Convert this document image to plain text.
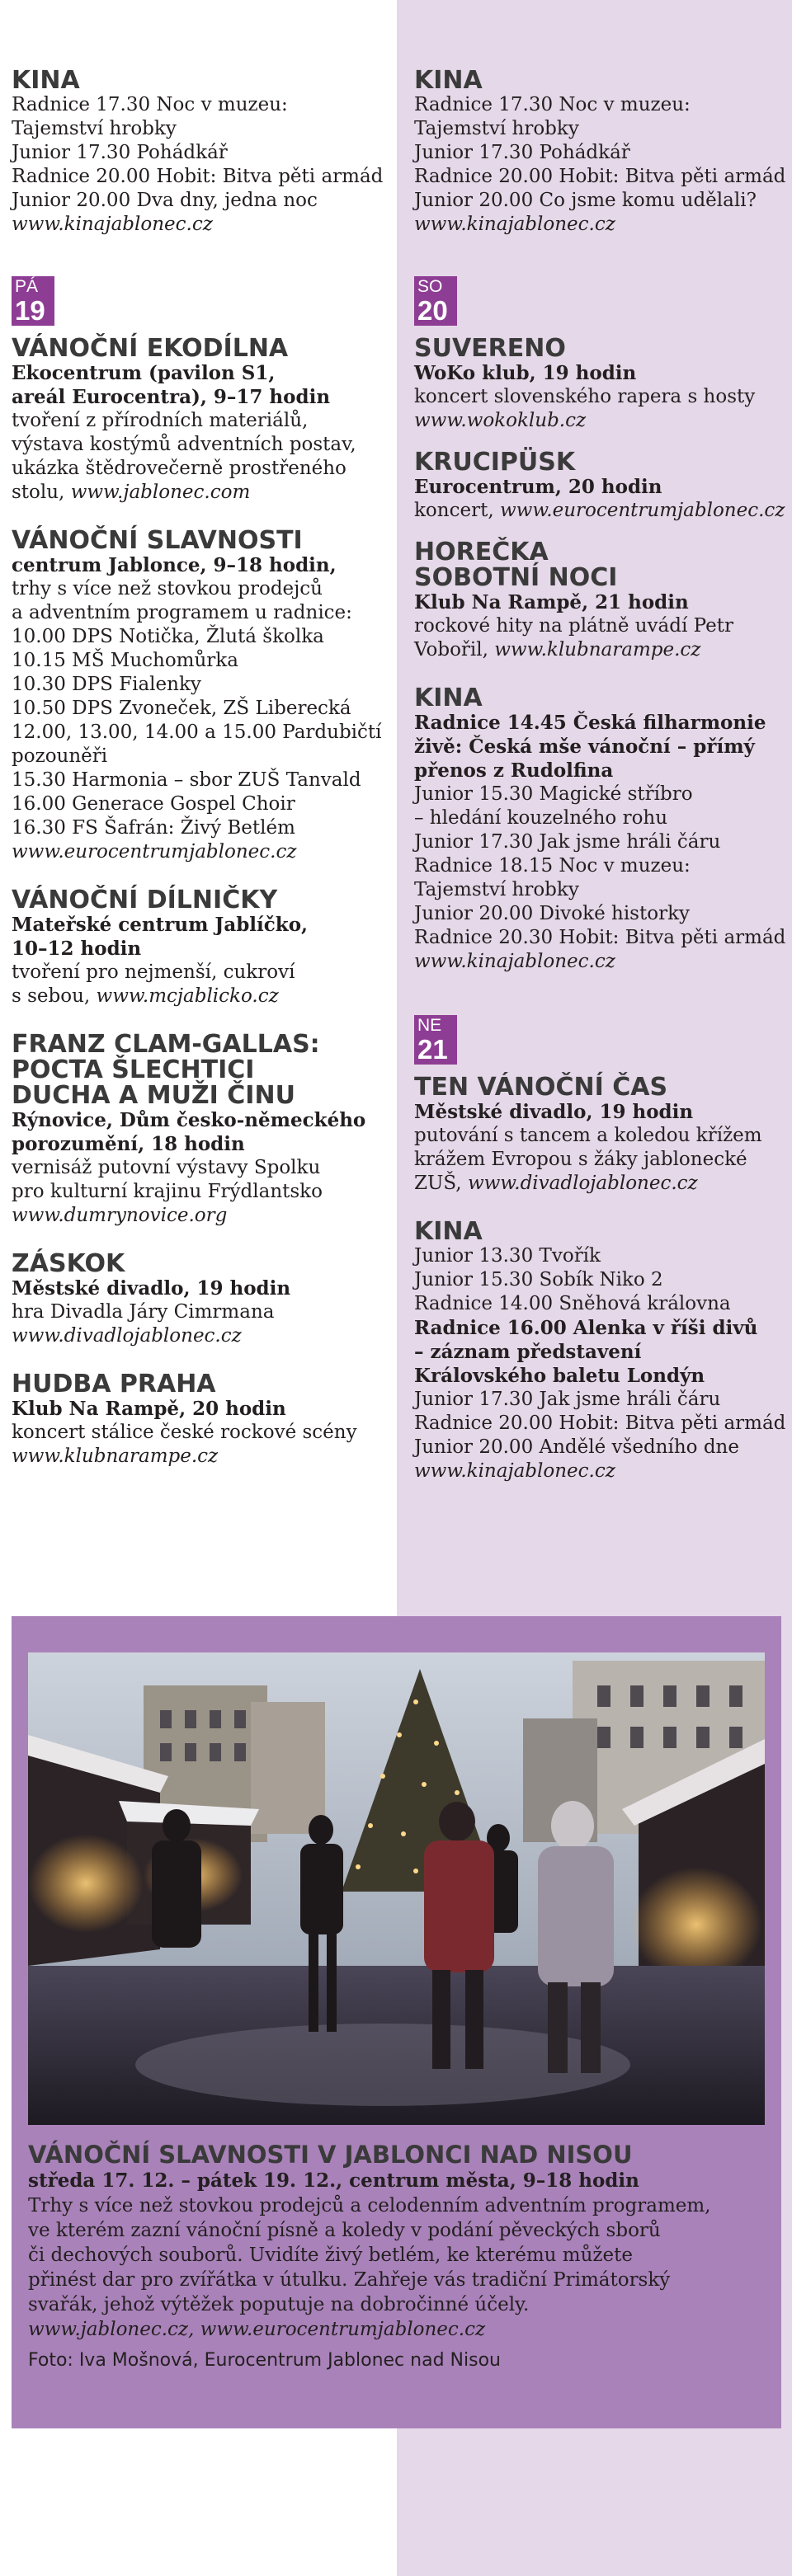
KINA
Radnice 17.30 Noc v muzeu:
Tajemství hrobky
Junior 17.30 Pohádkář
Radnice 20.00 Hobit: Bitva pěti armád
Junior 20.00 Dva dny, jedna noc
www.kinajablonec.cz
PÁ
19
VÁNOČNÍ EKODÍLNA
Ekocentrum (pavilon S1,
areál Eurocentra), 9–17 hodin
tvoření z přírodních materiálů,
výstava kostýmů adventních postav,
ukázka štědrovečerně prostřeného
stolu, www.jablonec.com
VÁNOČNÍ SLAVNOSTI
centrum Jablonce, 9–18 hodin,
trhy s více než stovkou prodejců
a adventním programem u radnice:
10.00 DPS Notička, Žlutá školka
10.15 MŠ Muchomůrka
10.30 DPS Fialenky
10.50 DPS Zvoneček, ZŠ Liberecká
12.00, 13.00, 14.00 a 15.00 Pardubičtí
pozouněři
15.30 Harmonia – sbor ZUŠ Tanvald
16.00 Generace Gospel Choir
16.30 FS Šafrán: Živý Betlém
www.eurocentrumjablonec.cz
VÁNOČNÍ DÍLNIČKY
Mateřské centrum Jablíčko,
10–12 hodin
tvoření pro nejmenší, cukroví
s sebou, www.mcjablicko.cz
FRANZ CLAM-GALLAS:
POCTA ŠLECHTICI
DUCHA A MUŽI ČINU
Rýnovice, Dům česko-německého
porozumění, 18 hodin
vernisáž putovní výstavy Spolku
pro kulturní krajinu Frýdlantsko
www.dumrynovice.org
ZÁSKOK
Městské divadlo, 19 hodin
hra Divadla Járy Cimrmana
www.divadlojablonec.cz
HUDBA PRAHA
Klub Na Rampě, 20 hodin
koncert stálice české rockové scény
www.klubnarampe.cz
KINA
Radnice 17.30 Noc v muzeu:
Tajemství hrobky
Junior 17.30 Pohádkář
Radnice 20.00 Hobit: Bitva pěti armád
Junior 20.00 Co jsme komu udělali?
www.kinajablonec.cz
SO
20
SUVERENO
WoKo klub, 19 hodin
koncert slovenského rapera s hosty
www.wokoklub.cz
KRUCIPÜSK
Eurocentrum, 20 hodin
koncert, www.eurocentrumjablonec.cz
HOREČKA
SOBOTNÍ NOCI
Klub Na Rampě, 21 hodin
rockové hity na plátně uvádí Petr
Vobořil, www.klubnarampe.cz
KINA
Radnice 14.45 Česká filharmonie
živě: Česká mše vánoční – přímý
přenos z Rudolfina
Junior 15.30 Magické stříbro
– hledání kouzelného rohu
Junior 17.30 Jak jsme hráli čáru
Radnice 18.15 Noc v muzeu:
Tajemství hrobky
Junior 20.00 Divoké historky
Radnice 20.30 Hobit: Bitva pěti armád
www.kinajablonec.cz
NE
21
TEN VÁNOČNÍ ČAS
Městské divadlo, 19 hodin
putování s tancem a koledou křížem
krážem Evropou s žáky jablonecké
ZUŠ, www.divadlojablonec.cz
KINA
Junior 13.30 Tvořík
Junior 15.30 Sobík Niko 2
Radnice 14.00 Sněhová královna
Radnice 16.00 Alenka v říši divů
– záznam představení
Královského baletu Londýn
Junior 17.30 Jak jsme hráli čáru
Radnice 20.00 Hobit: Bitva pěti armád
Junior 20.00 Andělé všedního dne
www.kinajablonec.cz
VÁNOČNÍ SLAVNOSTI V JABLONCI NAD NISOU
středa 17. 12. – pátek 19. 12., centrum města, 9–18 hodin
Trhy s více než stovkou prodejců a celodenním adventním programem,
ve kterém zazní vánoční písně a koledy v podání pěveckých sborů
či dechových souborů. Uvidíte živý betlém, ke kterému můžete
přinést dar pro zvířátka v útulku. Zahřeje vás tradiční Primátorský
svařák, jehož výtěžek poputuje na dobročinné účely.
www.jablonec.cz, www.eurocentrumjablonec.cz
Foto: Iva Mošnová, Eurocentrum Jablonec nad Nisou
